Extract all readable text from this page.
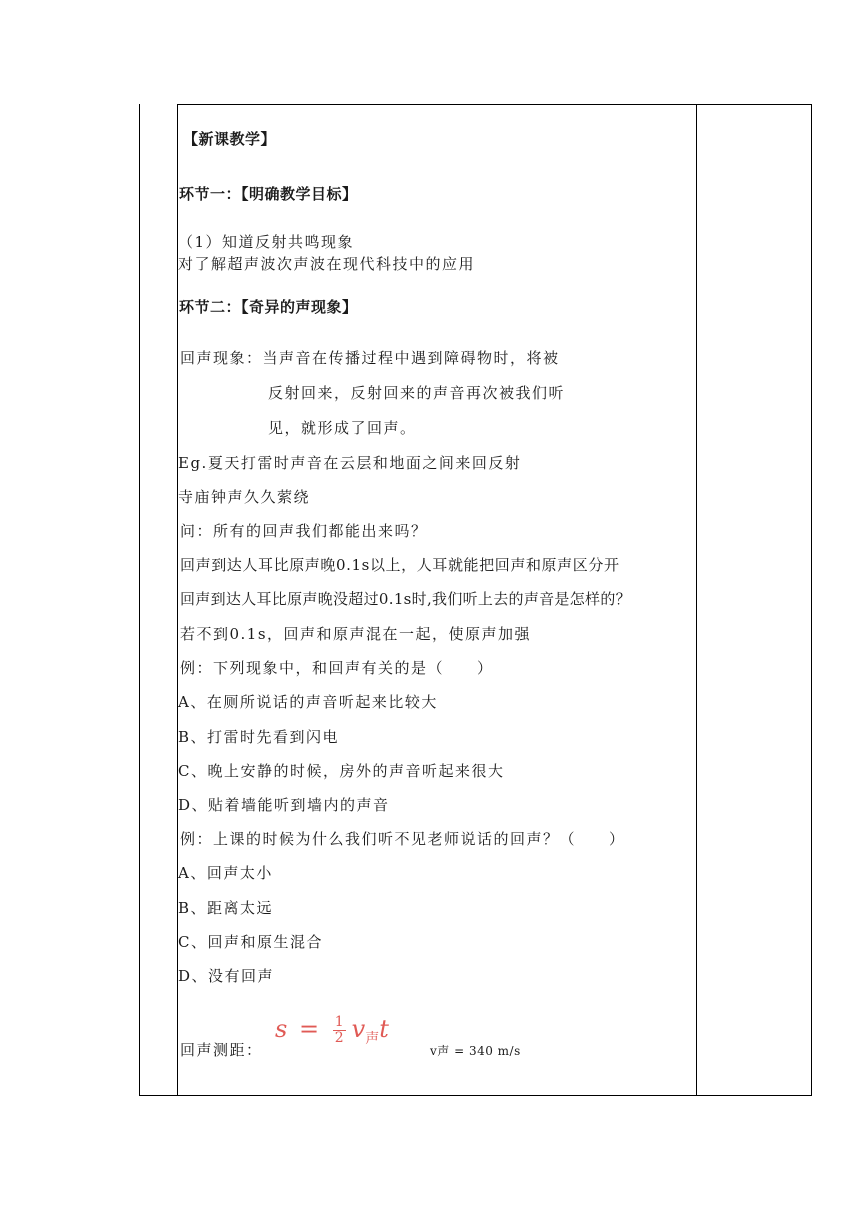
【新课教学】
环节一：【明确教学目标】
（1）知道反射共鸣现象
对了解超声波次声波在现代科技中的应用
环节二：【奇异的声现象】
回声现象：当声音在传播过程中遇到障碍物时，将被
反射回来，反射回来的声音再次被我们听
见，就形成了回声。
Eg.夏天打雷时声音在云层和地面之间来回反射
寺庙钟声久久萦绕
问：所有的回声我们都能出来吗？
回声到达人耳比原声晚0.1s以上，人耳就能把回声和原声区分开
回声到达人耳比原声晚没超过0.1s时,我们听上去的声音是怎样的？
若不到0.1s，回声和原声混在一起，使原声加强
例：下列现象中，和回声有关的是（　　）
A、在厕所说话的声音听起来比较大
B、打雷时先看到闪电
C、晚上安静的时候，房外的声音听起来很大
D、贴着墙能听到墙内的声音
例：上课的时候为什么我们听不见老师说话的回声？（　　）
A、回声太小
B、距离太远
C、回声和原生混合
D、没有回声
$s = \frac{1}{2} v_声t$
回声测距：	v声 = 340 m/s
